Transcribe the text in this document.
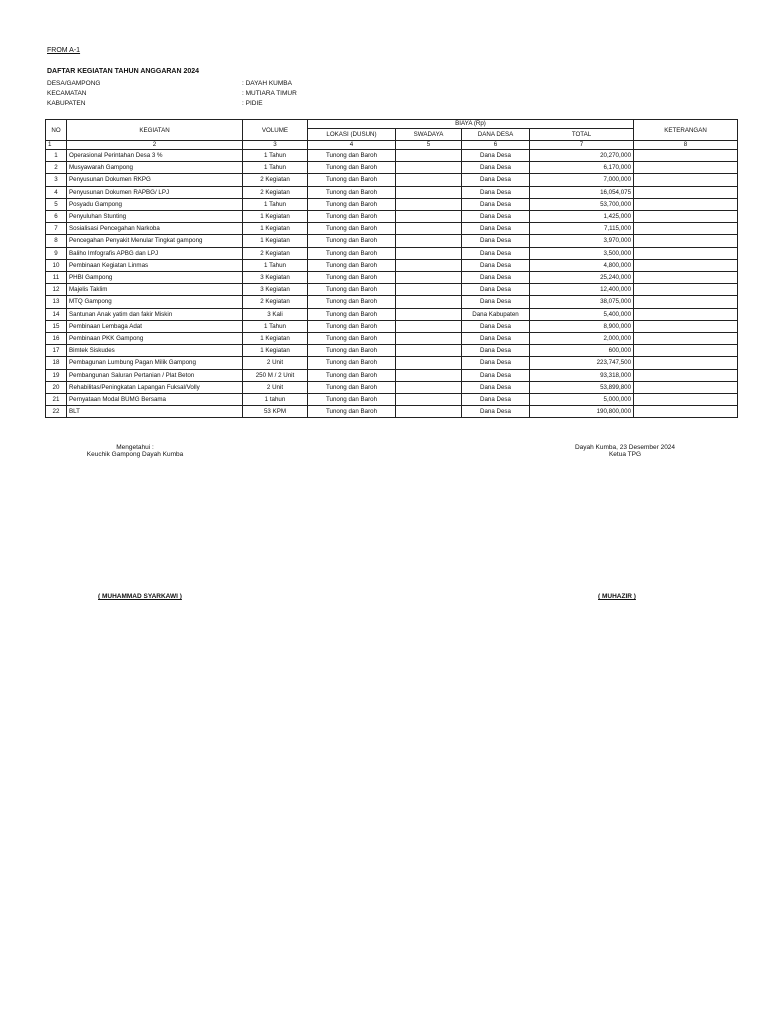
FROM A-1
DAFTAR KEGIATAN TAHUN ANGGARAN 2024
DESA/GAMPONG	: DAYAH KUMBA
KECAMATAN	: MUTIARA TIMUR
KABUPATEN	: PIDIE
NO	KEGIATAN	VOLUME	BIAYA (Rp)				KETERANGAN
			LOKASI (DUSUN)	SWADAYA	DANA DESA	TOTAL	
1	2	3	4	5	6	7	8
1	Operasional Perintahan Desa 3 %	1 Tahun	Tunong dan Baroh		Dana Desa	20,270,000	
2	Musyawarah Gampong	1 Tahun	Tunong dan Baroh		Dana Desa	6,170,000	
3	Penyusunan Dokumen RKPG	2 Kegiatan	Tunong dan Baroh		Dana Desa	7,000,000	
4	Penyusunan Dokumen RAPBG/ LPJ	2 Kegiatan	Tunong dan Baroh		Dana Desa	16,054,075	
5	Posyadu Gampong	1 Tahun	Tunong dan Baroh		Dana Desa	53,700,000	
6	Penyuluhan Stunting	1 Kegiatan	Tunong dan Baroh		Dana Desa	1,425,000	
7	Sosialisasi Pencegahan Narkoba	1 Kegiatan	Tunong dan Baroh		Dana Desa	7,115,000	
8	Pencegahan Penyakit Menular Tingkat gampong	1 Kegiatan	Tunong dan Baroh		Dana Desa	3,970,000	
9	Baliho Imfografis APBG dan LPJ	2 Kegiatan	Tunong dan Baroh		Dana Desa	3,500,000	
10	Pembinaan Kegiatan Linmas	1 Tahun	Tunong dan Baroh		Dana Desa	4,800,000	
11	PHBI Gampong	3 Kegiatan	Tunong dan Baroh		Dana Desa	25,240,000	
12	Majelis Taklim	3 Kegiatan	Tunong dan Baroh		Dana Desa	12,400,000	
13	MTQ Gampong	2 Kegiatan	Tunong dan Baroh		Dana Desa	38,075,000	
14	Santunan Anak yatim dan fakir Miskin	3 Kali	Tunong dan Baroh		Dana Kabupaten	5,400,000	
15	Pembinaan Lembaga Adat	1 Tahun	Tunong dan Baroh		Dana Desa	8,900,000	
16	Pembinaan PKK Gampong	1 Kegiatan	Tunong dan Baroh		Dana Desa	2,000,000	
17	Bimtek Siskudes	1 Kegiatan	Tunong dan Baroh		Dana Desa	600,000	
18	Pembagunan Lumbung Pagan Milik Gampong	2 Unit	Tunong dan Baroh		Dana Desa	223,747,500	
19	Pembangunan Saluran Pertanian / Plat Beton	250 M / 2 Unit	Tunong dan Baroh		Dana Desa	93,318,000	
20	Rehabilitas/Peningkatan Lapangan Fuksal/Volly	2 Unit	Tunong dan Baroh		Dana Desa	53,899,800	
21	Pernyataan Modal BUMG Bersama	1 tahun	Tunong dan Baroh		Dana Desa	5,000,000	
22	BLT	53 KPM	Tunong dan Baroh		Dana Desa	190,800,000	
Mengetahui :
Keuchik Gampong Dayah Kumba
Dayah Kumba, 23 Desember 2024
Ketua TPG
( MUHAMMAD SYARKAWI )	( MUHAZIR )
